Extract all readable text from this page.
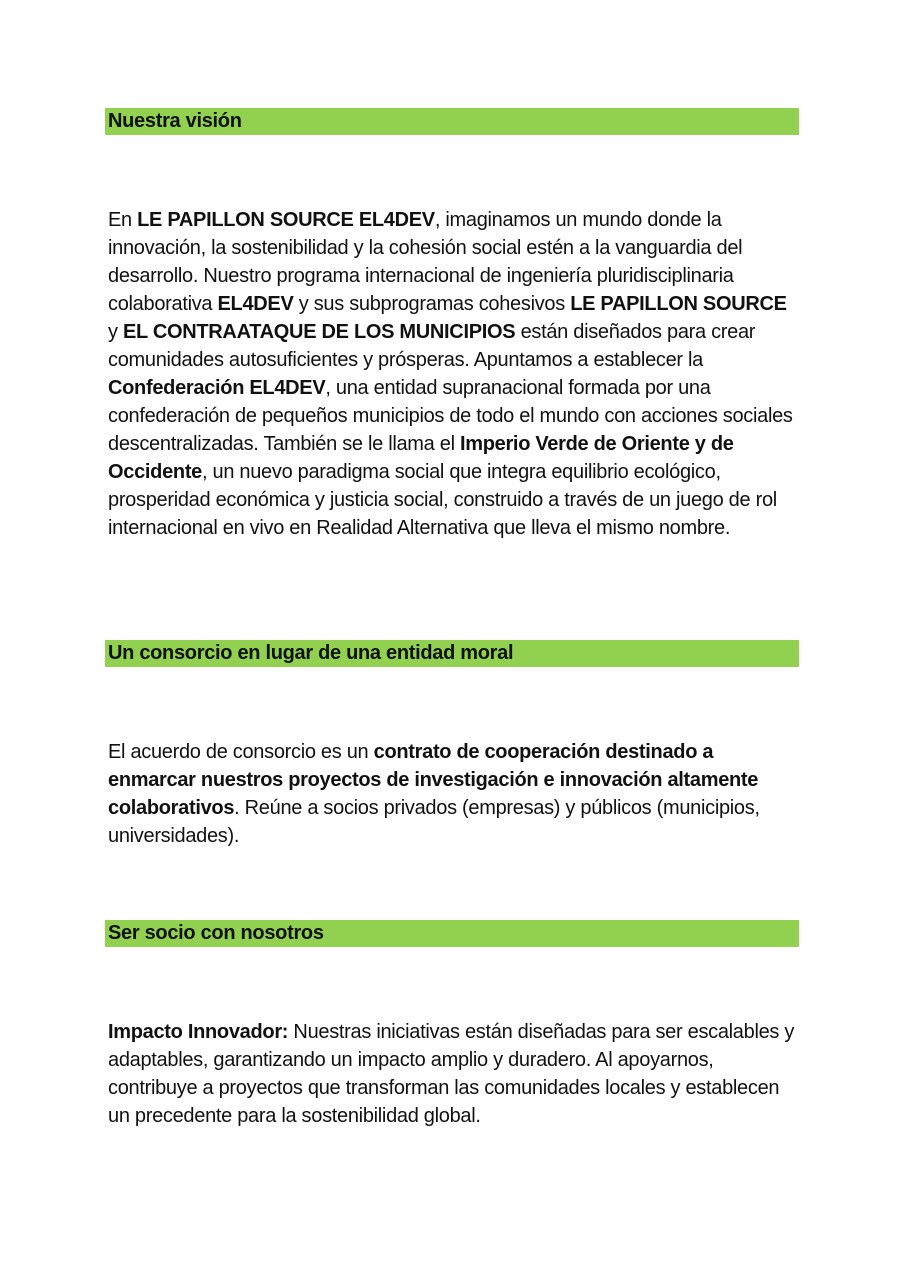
Nuestra visión

En LE PAPILLON SOURCE EL4DEV, imaginamos un mundo donde la innovación, la sostenibilidad y la cohesión social estén a la vanguardia del desarrollo. Nuestro programa internacional de ingeniería pluridisciplinaria colaborativa EL4DEV y sus subprogramas cohesivos LE PAPILLON SOURCE y EL CONTRAATAQUE DE LOS MUNICIPIOS están diseñados para crear comunidades autosuficientes y prósperas. Apuntamos a establecer la Confederación EL4DEV, una entidad supranacional formada por una confederación de pequeños municipios de todo el mundo con acciones sociales descentralizadas. También se le llama el Imperio Verde de Oriente y de Occidente, un nuevo paradigma social que integra equilibrio ecológico, prosperidad económica y justicia social, construido a través de un juego de rol internacional en vivo en Realidad Alternativa que lleva el mismo nombre.

Un consorcio en lugar de una entidad moral

El acuerdo de consorcio es un contrato de cooperación destinado a enmarcar nuestros proyectos de investigación e innovación altamente colaborativos. Reúne a socios privados (empresas) y públicos (municipios, universidades).

Ser socio con nosotros

Impacto Innovador: Nuestras iniciativas están diseñadas para ser escalables y adaptables, garantizando un impacto amplio y duradero. Al apoyarnos, contribuye a proyectos que transforman las comunidades locales y establecen un precedente para la sostenibilidad global.
